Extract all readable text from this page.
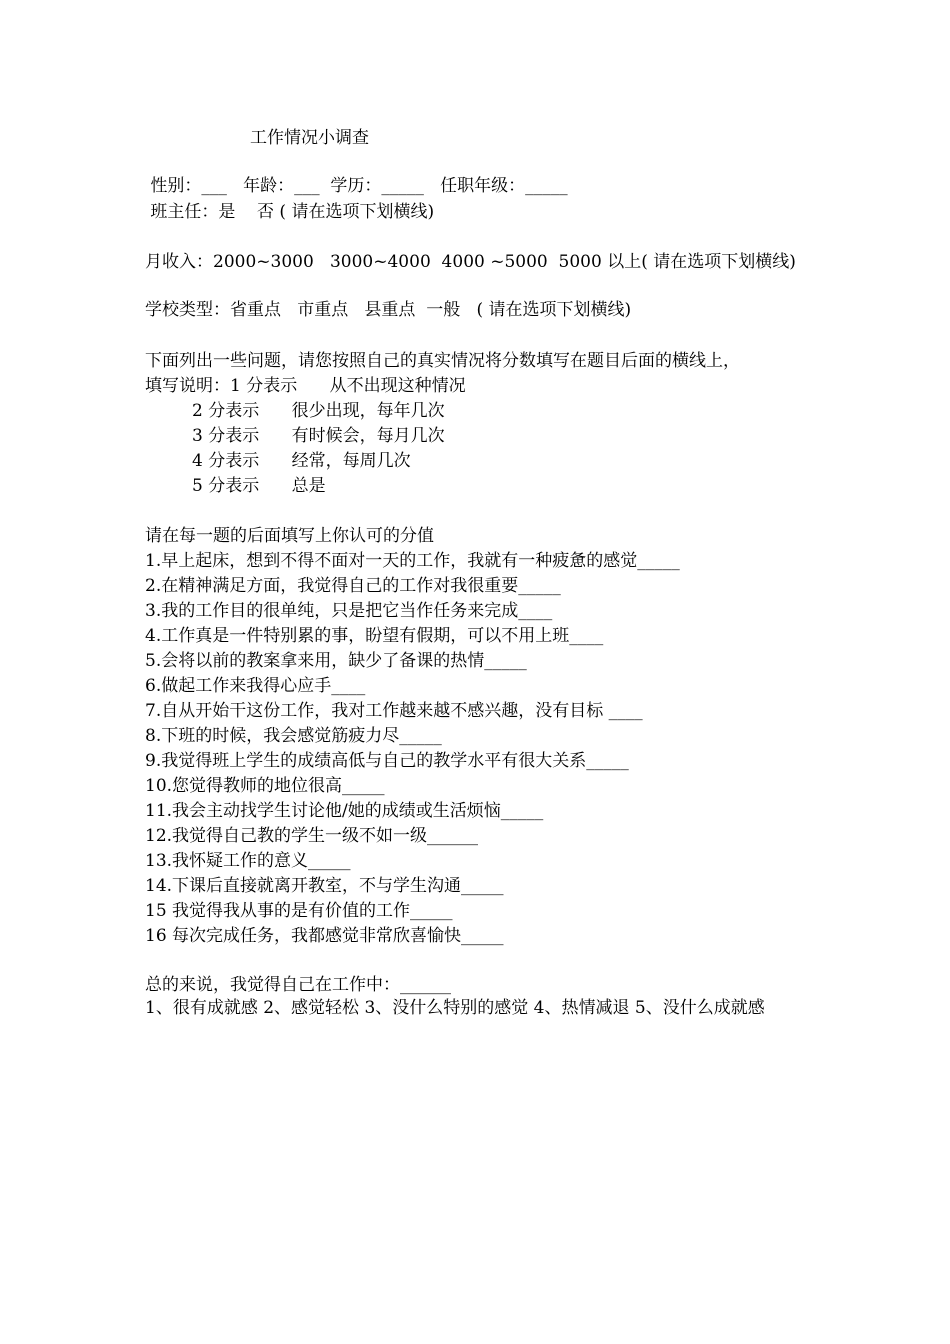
工作情况小调查
性别：___   年龄：___  学历：_____   任职年级：_____
班主任：是    否 ( 请在选项下划横线)
月收入：2000~3000   3000~4000  4000 ~5000  5000 以上( 请在选项下划横线)
学校类型：省重点   市重点   县重点  一般   ( 请在选项下划横线)
下面列出一些问题，请您按照自己的真实情况将分数填写在题目后面的横线上，
填写说明：1 分表示      从不出现这种情况
2 分表示      很少出现，每年几次
3 分表示      有时候会，每月几次
4 分表示      经常，每周几次
5 分表示      总是
请在每一题的后面填写上你认可的分值
1.早上起床，想到不得不面对一天的工作，我就有一种疲惫的感觉_____
2.在精神满足方面，我觉得自己的工作对我很重要_____
3.我的工作目的很单纯，只是把它当作任务来完成____
4.工作真是一件特别累的事，盼望有假期，可以不用上班____
5.会将以前的教案拿来用，缺少了备课的热情_____
6.做起工作来我得心应手____
7.自从开始干这份工作，我对工作越来越不感兴趣，没有目标 ____
8.下班的时候，我会感觉筋疲力尽_____
9.我觉得班上学生的成绩高低与自己的教学水平有很大关系_____
10.您觉得教师的地位很高_____
11.我会主动找学生讨论他/她的成绩或生活烦恼_____
12.我觉得自己教的学生一级不如一级______
13.我怀疑工作的意义_____
14.下课后直接就离开教室，不与学生沟通_____
15 我觉得我从事的是有价值的工作_____
16 每次完成任务，我都感觉非常欣喜愉快_____
总的来说，我觉得自己在工作中：______
1、很有成就感 2、感觉轻松 3、没什么特别的感觉 4、热情减退 5、没什么成就感
